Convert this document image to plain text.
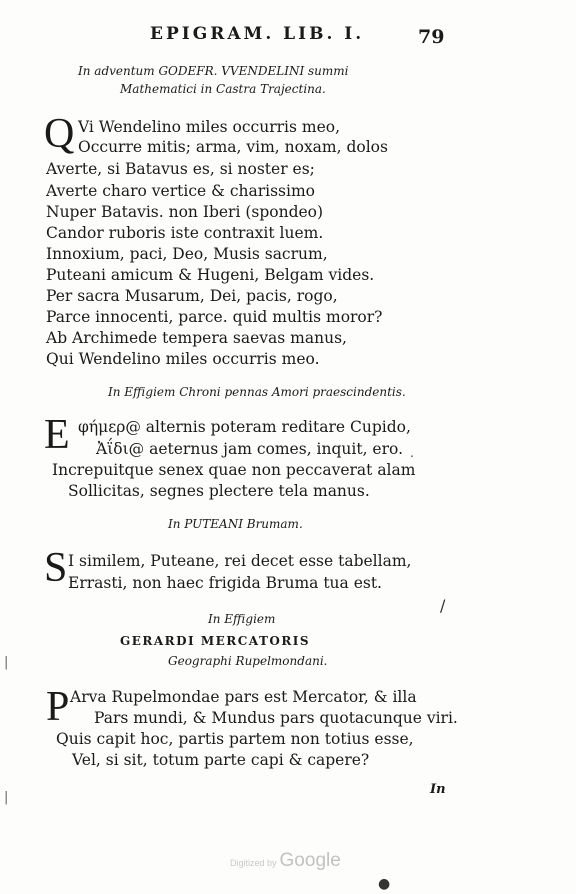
EPIGRAM. LIB. I.	79
In adventum GODEFR. VVENDELINI summi
Mathematici in Castra Trajectina.
Q Vi Wendelino miles occurris meo,
Occurre mitis; arma, vim, noxam, dolos
Averte, si Batavus es, si noster es;
Averte charo vertice & charissimo
Nuper Batavis. non Iberi (spondeo)
Candor ruboris iste contraxit luem.
Innoxium, paci, Deo, Musis sacrum,
Puteani amicum & Hugeni, Belgam vides.
Per sacra Musarum, Dei, pacis, rogo,
Parce innocenti, parce. quid multis moror?
Ab Archimede tempera saevas manus,
Qui Wendelino miles occurris meo.
In Effigiem Chroni pennas Amori praescindentis.
E φήμερ@ alternis poteram reditare Cupido,
Ἀΐδι@ aeternus jam comes, inquit, ero.
Increpuitque senex quae non peccaverat alam
Sollicitas, segnes plectere tela manus.
In PUTEANI Brumam.
S I similem, Puteane, rei decet esse tabellam,
Errasti, non haec frigida Bruma tua est.
In Effigiem
GERARDI MERCATORIS
Geographi Rupelmondani.
P Arva Rupelmondae pars est Mercator, & illa
Pars mundi, & Mundus pars quotacunque viri.
Quis capit hoc, partis partem non totius esse,
Vel, si sit, totum parte capi & capere?
In
Digitized by Google
/
.
|
|
●
